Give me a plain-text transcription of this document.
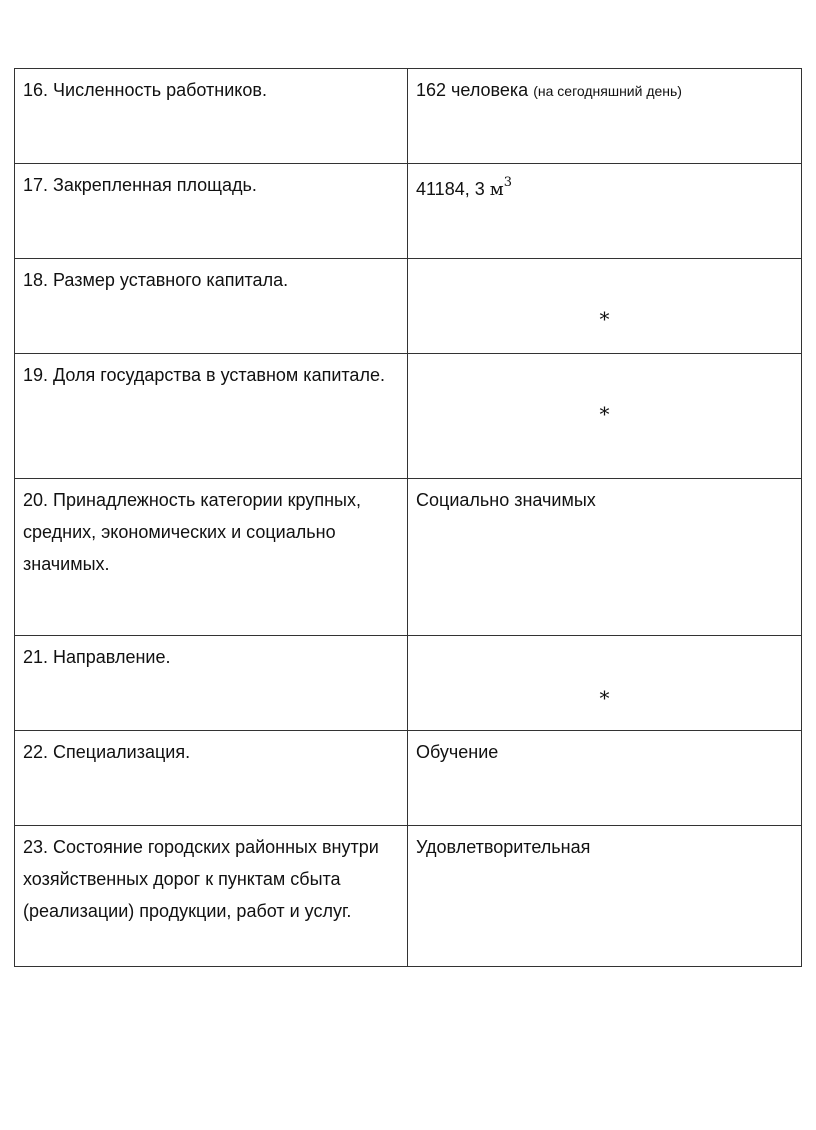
16. Численность работников.	162 человека (на сегодняшний день)

17. Закрепленная площадь.	41184, 3 $м^3$

18. Размер уставного капитала.	*

19. Доля государства в уставном капитале.	*

20. Принадлежность категории крупных, средних, экономических и социально значимых.	Социально значимых

21. Направление.	*

22. Специализация.	Обучение

23. Состояние городских районных внутри хозяйственных дорог к пунктам сбыта (реализации) продукции, работ и услуг.	Удовлетворительная
